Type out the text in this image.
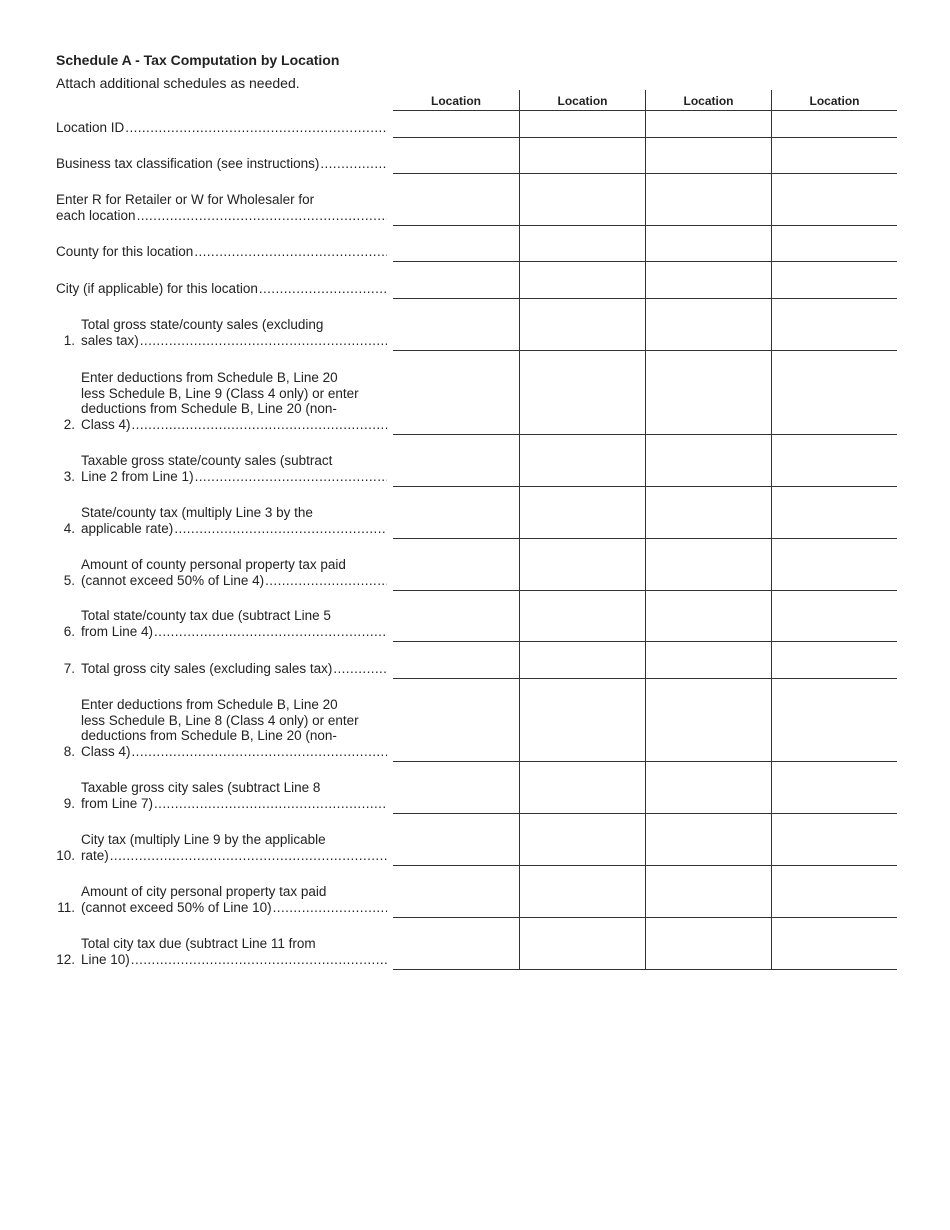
Schedule A - Tax Computation by Location
Attach additional schedules as needed.
Location	Location	Location	Location
Location ID
.....
Business tax classification (see instructions)
.....
Enter R for Retailer or W for Wholesaler for
each location
.....
County for this location
.....
City (if applicable) for this location
.....
1.
Total gross state/county sales (excluding
sales tax)
.....
2.
Enter deductions from Schedule B, Line 20
less Schedule B, Line 9 (Class 4 only) or enter
deductions from Schedule B, Line 20 (non-
Class 4)
.....
3.
Taxable gross state/county sales (subtract
Line 2 from Line 1)
.....
4.
State/county tax (multiply Line 3 by the
applicable rate)
.....
5.
Amount of county personal property tax paid
(cannot exceed 50% of Line 4)
.....
6.
Total state/county tax due (subtract Line 5
from Line 4)
.....
7. Total gross city sales (excluding sales tax)
.....
8.
Enter deductions from Schedule B, Line 20
less Schedule B, Line 8 (Class 4 only) or enter
deductions from Schedule B, Line 20 (non-
Class 4)
.....
9.
Taxable gross city sales (subtract Line 8
from Line 7)
.....
10.
City tax (multiply Line 9 by the applicable
rate)
.....
11.
Amount of city personal property tax paid
(cannot exceed 50% of Line 10)
.....
12.
Total city tax due (subtract Line 11 from
Line 10)
.....
